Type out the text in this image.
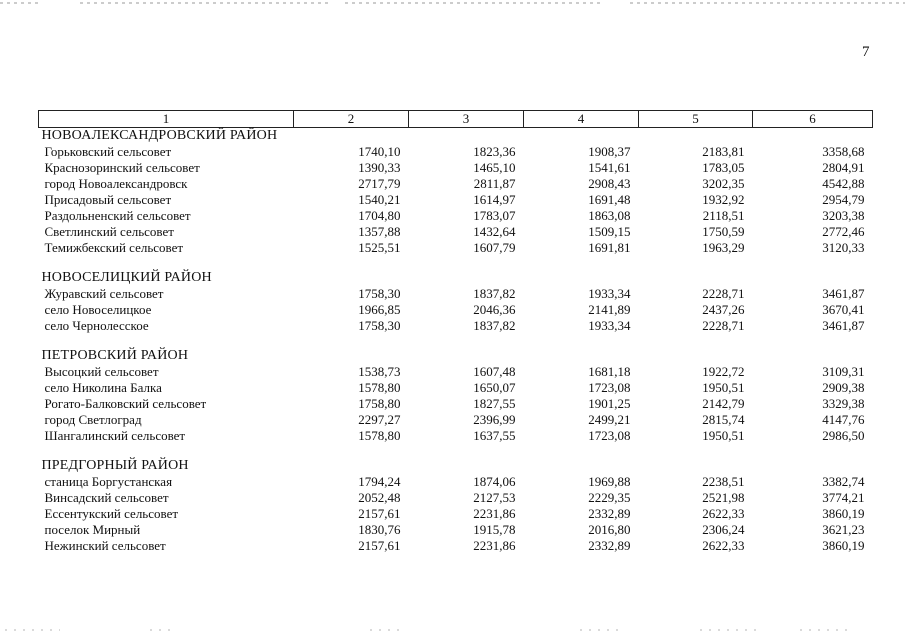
7
1	2	3	4	5	6
НОВОАЛЕКСАНДРОВСКИЙ РАЙОН					
Горьковский сельсовет	1740,10	1823,36	1908,37	2183,81	3358,68
Краснозоринский сельсовет	1390,33	1465,10	1541,61	1783,05	2804,91
город Новоалександровск	2717,79	2811,87	2908,43	3202,35	4542,88
Присадовый сельсовет	1540,21	1614,97	1691,48	1932,92	2954,79
Раздольненский сельсовет	1704,80	1783,07	1863,08	2118,51	3203,38
Светлинский сельсовет	1357,88	1432,64	1509,15	1750,59	2772,46
Темижбекский сельсовет	1525,51	1607,79	1691,81	1963,29	3120,33

НОВОСЕЛИЦКИЙ РАЙОН					
Журавский сельсовет	1758,30	1837,82	1933,34	2228,71	3461,87
село Новоселицкое	1966,85	2046,36	2141,89	2437,26	3670,41
село Чернолесское	1758,30	1837,82	1933,34	2228,71	3461,87

ПЕТРОВСКИЙ РАЙОН					
Высоцкий сельсовет	1538,73	1607,48	1681,18	1922,72	3109,31
село Николина Балка	1578,80	1650,07	1723,08	1950,51	2909,38
Рогато-Балковский сельсовет	1758,80	1827,55	1901,25	2142,79	3329,38
город Светлоград	2297,27	2396,99	2499,21	2815,74	4147,76
Шангалинский сельсовет	1578,80	1637,55	1723,08	1950,51	2986,50

ПРЕДГОРНЫЙ РАЙОН					
станица Боргустанская	1794,24	1874,06	1969,88	2238,51	3382,74
Винсадский сельсовет	2052,48	2127,53	2229,35	2521,98	3774,21
Ессентукский сельсовет	2157,61	2231,86	2332,89	2622,33	3860,19
поселок Мирный	1830,76	1915,78	2016,80	2306,24	3621,23
Нежинский сельсовет	2157,61	2231,86	2332,89	2622,33	3860,19
